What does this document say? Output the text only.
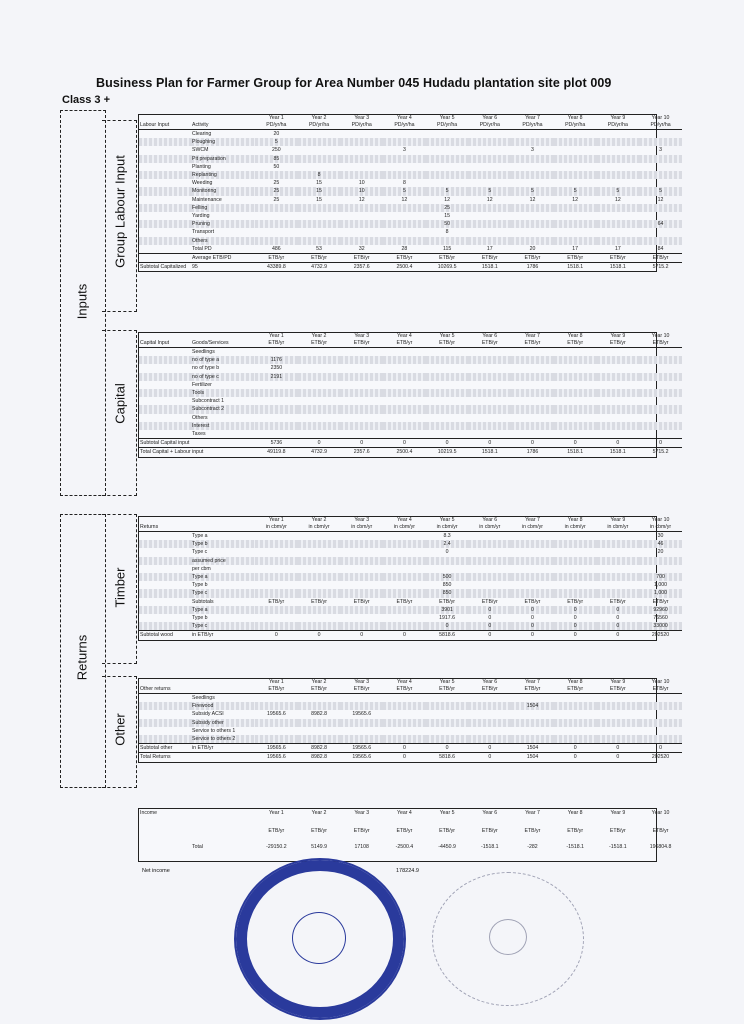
Business Plan for Farmer Group for Area Number 045 Hudadu plantation site plot 009
Class 3 +
Inputs
Group Labour Input
Capital
Returns
Timber
Other
		Year 1	Year 2	Year 3	Year 4	Year 5	Year 6	Year 7	Year 8	Year 9	Year 10
Labour Input	Activity	PD/yr/ha	PD/yr/ha	PD/yr/ha	PD/yr/ha	PD/yr/ha	PD/yr/ha	PD/yr/ha	PD/yr/ha	PD/yr/ha	PD/yr/ha
	Clearing	20									
	Ploughing	5									
	SWCM	250			3			3			3
	Pit preparation	85									
	Planting	50									
	Replanting		8								
	Weeding	25	15	10	8						
	Monitoring	25	15	10	5	5	5	5	5	5	5
	Maintenance	25	15	12	12	12	12	12	12	12	12
	Felling					25					
	Yarding					15					
	Pruning					50					64
	Transport					8					
	Others										
	Total PD	486	53	32	28	115	17	20	17	17	84
	Average ETB/PD	ETB/yr	ETB/yr	ETB/yr	ETB/yr	ETB/yr	ETB/yr	ETB/yr	ETB/yr	ETB/yr	ETB/yr
Subtotal Capitalized	95	43389.8	4732.9	2357.6	2500.4	10269.5	1518.1	1786	1518.1	1518.1	5715.2
		Year 1	Year 2	Year 3	Year 4	Year 5	Year 6	Year 7	Year 8	Year 9	Year 10
Capital Input	Goods/Services	ETB/yr	ETB/yr	ETB/yr	ETB/yr	ETB/yr	ETB/yr	ETB/yr	ETB/yr	ETB/yr	ETB/yr
	Seedlings										
	no of type a	1176									
	no of type b	2350									
	no of type c	2191									
	Fertilizer										
	Tools										
	Subcontract 1										
	Subcontract 2										
	Others										
	Interest										
	Taxes										
Subtotal Capital input		5736	0	0	0	0	0	0	0	0	0
Total Capital + Labour input		49119.8	4732.9	2357.6	2500.4	10219.5	1518.1	1786	1518.1	1518.1	5715.2
		Year 1	Year 2	Year 3	Year 4	Year 5	Year 6	Year 7	Year 8	Year 9	Year 10
Returns		in cbm/yr	in cbm/yr	in cbm/yr	in cbm/yr	in cbm/yr	in cbm/yr	in cbm/yr	in cbm/yr	in cbm/yr	in cbm/yr
	Type a					8.3					30
	Type b					2.4					46
	Type c					0					20
	assumed price										
	per cbm										
	Type a					500					700
	Type b					850					1,000
	Type c					850					1,000
	Subtotals	ETB/yr	ETB/yr	ETB/yr	ETB/yr	ETB/yr	ETB/yr	ETB/yr	ETB/yr	ETB/yr	ETB/yr
	Type a					3901	0	0	0	0	92960
	Type b					1917.6	0	0	0	0	76560
	Type c					0	0	0	0	0	33000
Subtotal wood	in ETB/yr	0	0	0	0	5818.6	0	0	0	0	202520
		Year 1	Year 2	Year 3	Year 4	Year 5	Year 6	Year 7	Year 8	Year 9	Year 10
Other returns		ETB/yr	ETB/yr	ETB/yr	ETB/yr	ETB/yr	ETB/yr	ETB/yr	ETB/yr	ETB/yr	ETB/yr
	Seedlings										
	Firewood							1504			
	Subsidy ACSI	19565.6	8982.8	19565.6							
	Subsidy other										
	Service to others 1										
	Service to others 2										
Subtotal other	in ETB/yr	19565.6	8982.8	19565.6	0	0	0	1504	0	0	0
Total Returns		19565.6	8982.8	19565.6	0	5818.6	0	1504	0	0	202520
Income		Year 1	Year 2	Year 3	Year 4	Year 5	Year 6	Year 7	Year 8	Year 9	Year 10

		ETB/yr	ETB/yr	ETB/yr	ETB/yr	ETB/yr	ETB/yr	ETB/yr	ETB/yr	ETB/yr	ETB/yr

	Total	-29150.2	5149.9	17108	-2500.4	-4450.9	-1518.1	-282	-1518.1	-1518.1	196804.8
Net income	178224.9
